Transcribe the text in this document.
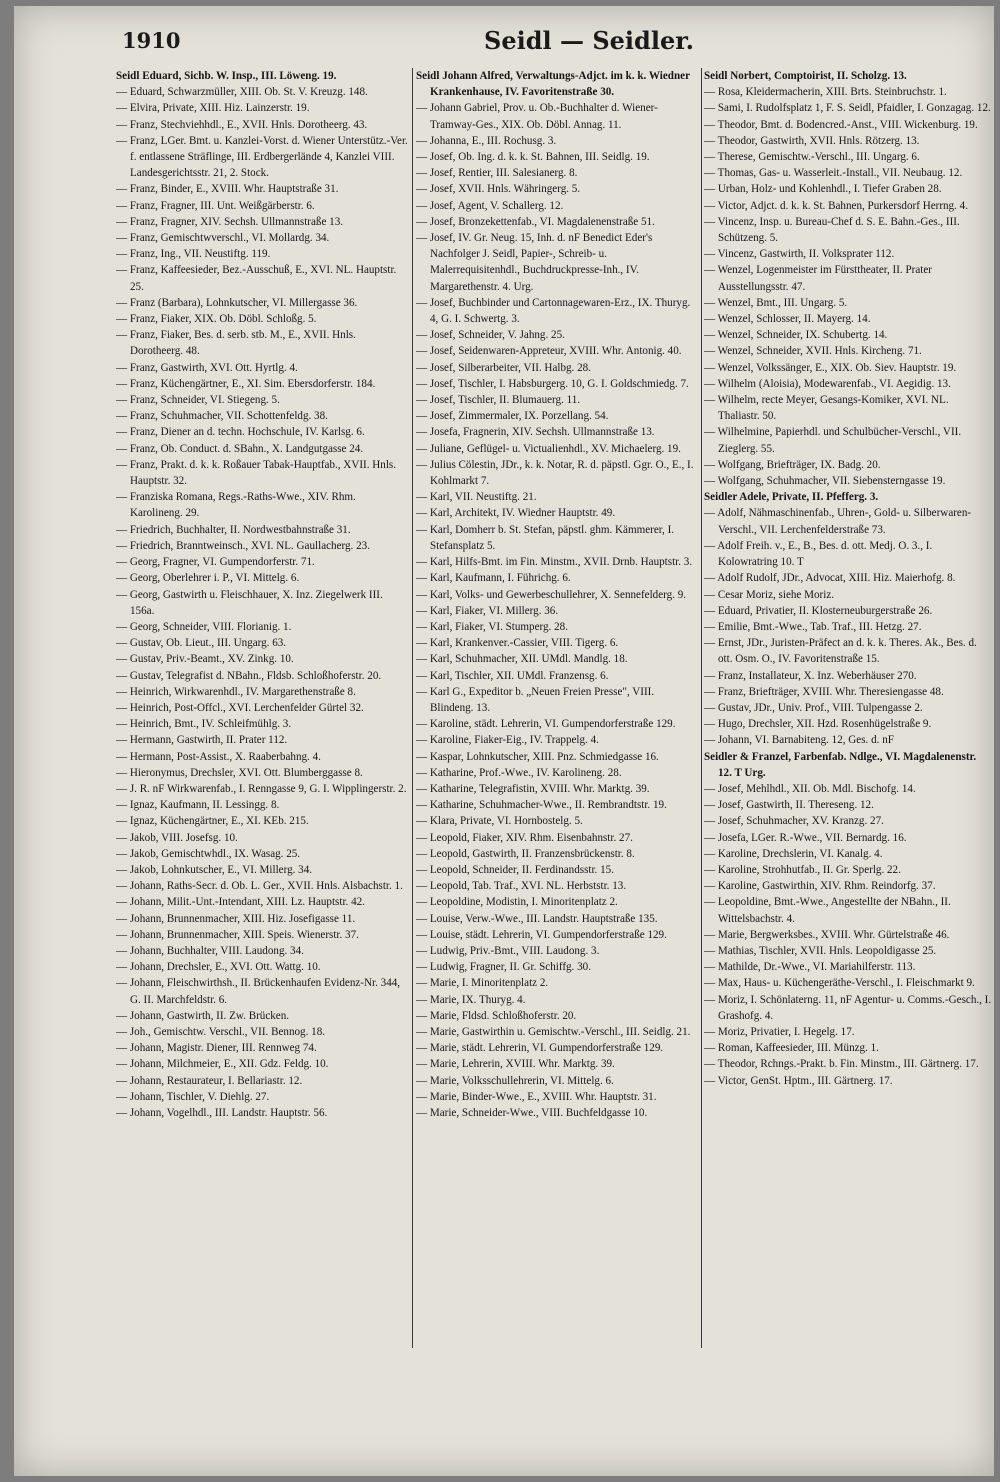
1910	Seidl — Seidler.

Seidl Eduard, Sichb. W. Insp., III. Löweng. 19.

— Eduard, Schwarzmüller, XIII. Ob. St. V. Kreuzg. 148.

— Elvira, Private, XIII. Hiz. Lainzerstr. 19.

— Franz, Stechviehhdl., E., XVII. Hnls. Dorotheerg. 43.

— Franz, LGer. Bmt. u. Kanzlei-Vorst. d. Wiener Unterstütz.-Ver. f. entlassene Sträflinge, III. Erdbergerlände 4, Kanzlei VIII. Landesgerichtsstr. 21, 2. Stock.

— Franz, Binder, E., XVIII. Whr. Hauptstraße 31.

— Franz, Fragner, III. Unt. Weißgärberstr. 6.

— Franz, Fragner, XIV. Sechsh. Ullmannstraße 13.

— Franz, Gemischtwverschl., VI. Mollardg. 34.

— Franz, Ing., VII. Neustiftg. 119.

— Franz, Kaffeesieder, Bez.-Ausschuß, E., XVI. NL. Hauptstr. 25.

— Franz (Barbara), Lohnkutscher, VI. Millergasse 36.

— Franz, Fiaker, XIX. Ob. Döbl. Schloßg. 5.

— Franz, Fiaker, Bes. d. serb. stb. M., E., XVII. Hnls. Dorotheerg. 48.

— Franz, Gastwirth, XVI. Ott. Hyrtlg. 4.

— Franz, Küchengärtner, E., XI. Sim. Ebersdorferstr. 184.

— Franz, Schneider, VI. Stiegeng. 5.

— Franz, Schuhmacher, VII. Schottenfeldg. 38.

— Franz, Diener an d. techn. Hochschule, IV. Karlsg. 6.

— Franz, Ob. Conduct. d. SBahn., X. Landgutgasse 24.

— Franz, Prakt. d. k. k. Roßauer Tabak-Hauptfab., XVII. Hnls. Hauptstr. 32.

— Franziska Romana, Regs.-Raths-Wwe., XIV. Rhm. Karolineng. 29.

— Friedrich, Buchhalter, II. Nordwestbahnstraße 31.

— Friedrich, Branntweinsch., XVI. NL. Gaullacherg. 23.

— Georg, Fragner, VI. Gumpendorferstr. 71.

— Georg, Oberlehrer i. P., VI. Mittelg. 6.

— Georg, Gastwirth u. Fleischhauer, X. Inz. Ziegelwerk III. 156a.

— Georg, Schneider, VIII. Florianig. 1.

— Gustav, Ob. Lieut., III. Ungarg. 63.

— Gustav, Priv.-Beamt., XV. Zinkg. 10.

— Gustav, Telegrafist d. NBahn., Fldsb. Schloßhoferstr. 20.

— Heinrich, Wirkwarenhdl., IV. Margarethenstraße 8.

— Heinrich, Post-Offcl., XVI. Lerchenfelder Gürtel 32.

— Heinrich, Bmt., IV. Schleifmühlg. 3.

— Hermann, Gastwirth, II. Prater 112.

— Hermann, Post-Assist., X. Raaberbahng. 4.

— Hieronymus, Drechsler, XVI. Ott. Blumberggasse 8.

— J. R. nF Wirkwarenfab., I. Renngasse 9, G. I. Wipplingerstr. 2.

— Ignaz, Kaufmann, II. Lessingg. 8.

— Ignaz, Küchengärtner, E., XI. KEb. 215.

— Jakob, VIII. Josefsg. 10.

— Jakob, Gemischtwhdl., IX. Wasag. 25.

— Jakob, Lohnkutscher, E., VI. Millerg. 34.

— Johann, Raths-Secr. d. Ob. L. Ger., XVII. Hnls. Alsbachstr. 1.

— Johann, Milit.-Unt.-Intendant, XIII. Lz. Hauptstr. 42.

— Johann, Brunnenmacher, XIII. Hiz. Josefigasse 11.

— Johann, Brunnenmacher, XIII. Speis. Wienerstr. 37.

— Johann, Buchhalter, VIII. Laudong. 34.

— Johann, Drechsler, E., XVI. Ott. Wattg. 10.

— Johann, Fleischwirthsh., II. Brückenhaufen Evidenz-Nr. 344, G. II. Marchfeldstr. 6.

— Johann, Gastwirth, II. Zw. Brücken.

— Joh., Gemischtw. Verschl., VII. Bennog. 18.

— Johann, Magistr. Diener, III. Rennweg 74.

— Johann, Milchmeier, E., XII. Gdz. Feldg. 10.

— Johann, Restaurateur, I. Bellariastr. 12.

— Johann, Tischler, V. Diehlg. 27.

— Johann, Vogelhdl., III. Landstr. Hauptstr. 56.

Seidl Johann Alfred, Verwaltungs-Adjct. im k. k. Wiedner Krankenhause, IV. Favoritenstraße 30.

— Johann Gabriel, Prov. u. Ob.-Buchhalter d. Wiener-Tramway-Ges., XIX. Ob. Döbl. Annag. 11.

— Johanna, E., III. Rochusg. 3.

— Josef, Ob. Ing. d. k. k. St. Bahnen, III. Seidlg. 19.

— Josef, Rentier, III. Salesianerg. 8.

— Josef, XVII. Hnls. Währingerg. 5.

— Josef, Agent, V. Schallerg. 12.

— Josef, Bronzekettenfab., VI. Magdalenenstraße 51.

— Josef, IV. Gr. Neug. 15, Inh. d. nF Benedict Eder's Nachfolger J. Seidl, Papier-, Schreib- u. Malerrequisitenhdl., Buchdruckpresse-Inh., IV. Margarethenstr. 4. Urg.

— Josef, Buchbinder und Cartonnagewaren-Erz., IX. Thuryg. 4, G. I. Schwertg. 3.

— Josef, Schneider, V. Jahng. 25.

— Josef, Seidenwaren-Appreteur, XVIII. Whr. Antonig. 40.

— Josef, Silberarbeiter, VII. Halbg. 28.

— Josef, Tischler, I. Habsburgerg. 10, G. I. Goldschmiedg. 7.

— Josef, Tischler, II. Blumauerg. 11.

— Josef, Zimmermaler, IX. Porzellang. 54.

— Josefa, Fragnerin, XIV. Sechsh. Ullmannstraße 13.

— Juliane, Geflügel- u. Victualienhdl., XV. Michaelerg. 19.

— Julius Cölestin, JDr., k. k. Notar, R. d. päpstl. Ggr. O., E., I. Kohlmarkt 7.

— Karl, VII. Neustiftg. 21.

— Karl, Architekt, IV. Wiedner Hauptstr. 49.

— Karl, Domherr b. St. Stefan, päpstl. ghm. Kämmerer, I. Stefansplatz 5.

— Karl, Hilfs-Bmt. im Fin. Minstm., XVII. Drnb. Hauptstr. 3.

— Karl, Kaufmann, I. Führichg. 6.

— Karl, Volks- und Gewerbeschullehrer, X. Sennefelderg. 9.

— Karl, Fiaker, VI. Millerg. 36.

— Karl, Fiaker, VI. Stumperg. 28.

— Karl, Krankenver.-Cassier, VIII. Tigerg. 6.

— Karl, Schuhmacher, XII. UMdl. Mandlg. 18.

— Karl, Tischler, XII. UMdl. Franzensg. 6.

— Karl G., Expeditor b. „Neuen Freien Presse", VIII. Blindeng. 13.

— Karoline, städt. Lehrerin, VI. Gumpendorferstraße 129.

— Karoline, Fiaker-Eig., IV. Trappelg. 4.

— Kaspar, Lohnkutscher, XIII. Pnz. Schmiedgasse 16.

— Katharine, Prof.-Wwe., IV. Karolineng. 28.

— Katharine, Telegrafistin, XVIII. Whr. Marktg. 39.

— Katharine, Schuhmacher-Wwe., II. Rembrandtstr. 19.

— Klara, Private, VI. Hornbostelg. 5.

— Leopold, Fiaker, XIV. Rhm. Eisenbahnstr. 27.

— Leopold, Gastwirth, II. Franzensbrückenstr. 8.

— Leopold, Schneider, II. Ferdinandsstr. 15.

— Leopold, Tab. Traf., XVI. NL. Herbststr. 13.

— Leopoldine, Modistin, I. Minoritenplatz 2.

— Louise, Verw.-Wwe., III. Landstr. Hauptstraße 135.

— Louise, städt. Lehrerin, VI. Gumpendorferstraße 129.

— Ludwig, Priv.-Bmt., VIII. Laudong. 3.

— Ludwig, Fragner, II. Gr. Schiffg. 30.

— Marie, I. Minoritenplatz 2.

— Marie, IX. Thuryg. 4.

— Marie, Fldsd. Schloßhoferstr. 20.

— Marie, Gastwirthin u. Gemischtw.-Verschl., III. Seidlg. 21.

— Marie, städt. Lehrerin, VI. Gumpendorferstraße 129.

— Marie, Lehrerin, XVIII. Whr. Marktg. 39.

— Marie, Volksschullehrerin, VI. Mittelg. 6.

— Marie, Binder-Wwe., E., XVIII. Whr. Hauptstr. 31.

— Marie, Schneider-Wwe., VIII. Buchfeldgasse 10.

Seidl Norbert, Comptoirist, II. Scholzg. 13.

— Rosa, Kleidermacherin, XIII. Brts. Steinbruchstr. 1.

— Sami, I. Rudolfsplatz 1, F. S. Seidl, Pfaidler, I. Gonzagag. 12.

— Theodor, Bmt. d. Bodencred.-Anst., VIII. Wickenburg. 19.

— Theodor, Gastwirth, XVII. Hnls. Rötzerg. 13.

— Therese, Gemischtw.-Verschl., III. Ungarg. 6.

— Thomas, Gas- u. Wasserleit.-Install., VII. Neubaug. 12.

— Urban, Holz- und Kohlenhdl., I. Tiefer Graben 28.

— Victor, Adjct. d. k. k. St. Bahnen, Purkersdorf Herrng. 4.

— Vincenz, Insp. u. Bureau-Chef d. S. E. Bahn.-Ges., III. Schützeng. 5.

— Vincenz, Gastwirth, II. Volksprater 112.

— Wenzel, Logenmeister im Fürsttheater, II. Prater Ausstellungsstr. 47.

— Wenzel, Bmt., III. Ungarg. 5.

— Wenzel, Schlosser, II. Mayerg. 14.

— Wenzel, Schneider, IX. Schubertg. 14.

— Wenzel, Schneider, XVII. Hnls. Kircheng. 71.

— Wenzel, Volkssänger, E., XIX. Ob. Siev. Hauptstr. 19.

— Wilhelm (Aloisia), Modewarenfab., VI. Aegidig. 13.

— Wilhelm, recte Meyer, Gesangs-Komiker, XVI. NL. Thaliastr. 50.

— Wilhelmine, Papierhdl. und Schulbücher-Verschl., VII. Zieglerg. 55.

— Wolfgang, Briefträger, IX. Badg. 20.

— Wolfgang, Schuhmacher, VII. Siebensterngasse 19.

Seidler Adele, Private, II. Pfefferg. 3.

— Adolf, Nähmaschinenfab., Uhren-, Gold- u. Silberwaren-Verschl., VII. Lerchenfelderstraße 73.

— Adolf Freih. v., E., B., Bes. d. ott. Medj. O. 3., I. Kolowratring 10. T

— Adolf Rudolf, JDr., Advocat, XIII. Hiz. Maierhofg. 8.

— Cesar Moriz, siehe Moriz.

— Eduard, Privatier, II. Klosterneuburgerstraße 26.

— Emilie, Bmt.-Wwe., Tab. Traf., III. Hetzg. 27.

— Ernst, JDr., Juristen-Präfect an d. k. k. Theres. Ak., Bes. d. ott. Osm. O., IV. Favoritenstraße 15.

— Franz, Installateur, X. Inz. Weberhäuser 270.

— Franz, Briefträger, XVIII. Whr. Theresiengasse 48.

— Gustav, JDr., Univ. Prof., VIII. Tulpengasse 2.

— Hugo, Drechsler, XII. Hzd. Rosenhügelstraße 9.

— Johann, VI. Barnabiteng. 12, Ges. d. nF

Seidler & Franzel, Farbenfab. Ndlge., VI. Magdalenenstr. 12. T Urg.

— Josef, Mehlhdl., XII. Ob. Mdl. Bischofg. 14.

— Josef, Gastwirth, II. Thereseng. 12.

— Josef, Schuhmacher, XV. Kranzg. 27.

— Josefa, LGer. R.-Wwe., VII. Bernardg. 16.

— Karoline, Drechslerin, VI. Kanalg. 4.

— Karoline, Strohhutfab., II. Gr. Sperlg. 22.

— Karoline, Gastwirthin, XIV. Rhm. Reindorfg. 37.

— Leopoldine, Bmt.-Wwe., Angestellte der NBahn., II. Wittelsbachstr. 4.

— Marie, Bergwerksbes., XVIII. Whr. Gürtelstraße 46.

— Mathias, Tischler, XVII. Hnls. Leopoldigasse 25.

— Mathilde, Dr.-Wwe., VI. Mariahilferstr. 113.

— Max, Haus- u. Küchengeräthe-Verschl., I. Fleischmarkt 9.

— Moriz, I. Schönlaterng. 11, nF Agentur- u. Comms.-Gesch., I. Grashofg. 4.

— Moriz, Privatier, I. Hegelg. 17.

— Roman, Kaffeesieder, III. Münzg. 1.

— Theodor, Rchngs.-Prakt. b. Fin. Minstm., III. Gärtnerg. 17.

— Victor, GenSt. Hptm., III. Gärtnerg. 17.
